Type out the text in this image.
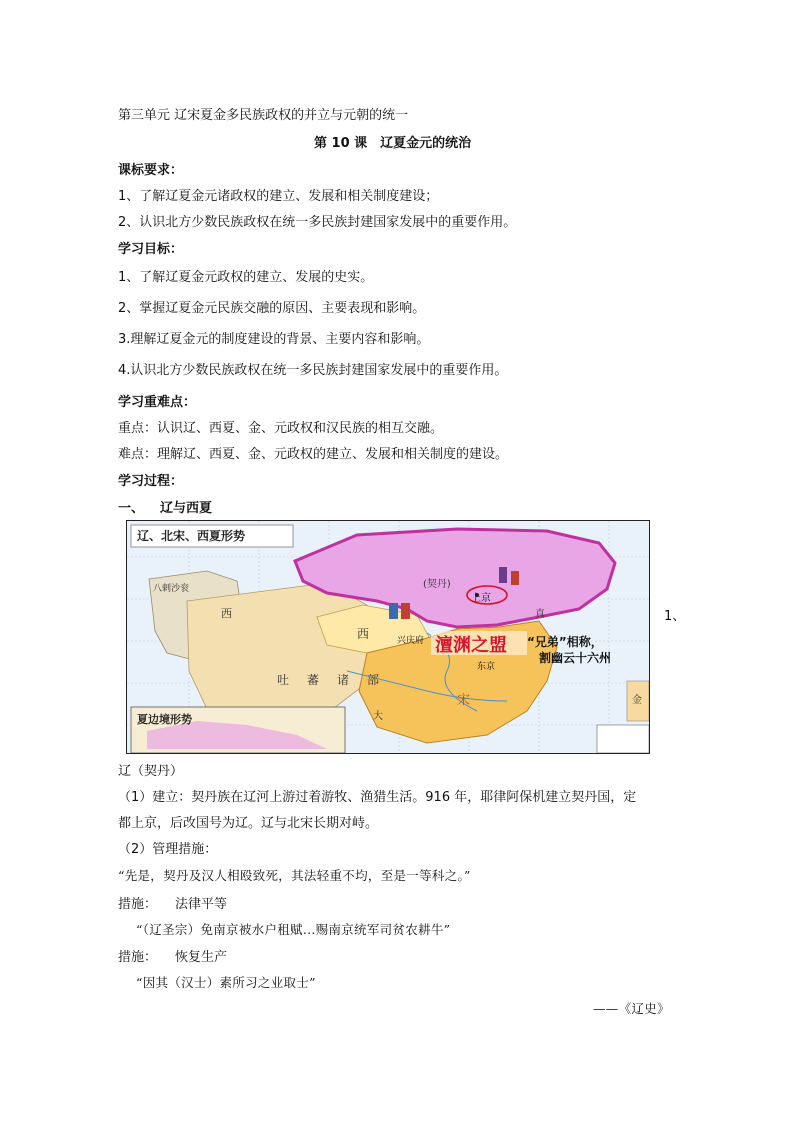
第三单元 辽宋夏金多民族政权的并立与元朝的统一
第 10 课　辽夏金元的统治
课标要求：
1、了解辽夏金元诸政权的建立、发展和相关制度建设；
2、认识北方少数民族政权在统一多民族封建国家发展中的重要作用。
学习目标：
1、了解辽夏金元政权的建立、发展的史实。
2、掌握辽夏金元民族交融的原因、主要表现和影响。
3.理解辽夏金元的制度建设的背景、主要内容和影响。
4.认识北方少数民族政权在统一多民族封建国家发展中的重要作用。
学习重难点：
重点：认识辽、西夏、金、元政权和汉民族的相互交融。
难点：理解辽、西夏、金、元政权的建立、发展和相关制度的建设。
学习过程：
一、 辽与西夏
辽、北宋、西夏形势
夏边境形势
(契丹)
上京
八剌沙衮
西
吐　蕃　诸　部
西	兴庆府
东京
大
宋	金
真
澶渊之盟 “兄弟”相称，
割幽云十六州
1、
辽（契丹）
（1）建立：契丹族在辽河上游过着游牧、渔猎生活。916 年，耶律阿保机建立契丹国，定
都上京，后改国号为辽。辽与北宋长期对峙。
（2）管理措施：
“先是，契丹及汉人相殴致死，其法轻重不均，至是一等科之。”
措施： 法律平等
“（辽圣宗）免南京被水户租赋...赐南京统军司贫农耕牛”
措施： 恢复生产
“因其（汉士）素所习之业取士”
——《辽史》
